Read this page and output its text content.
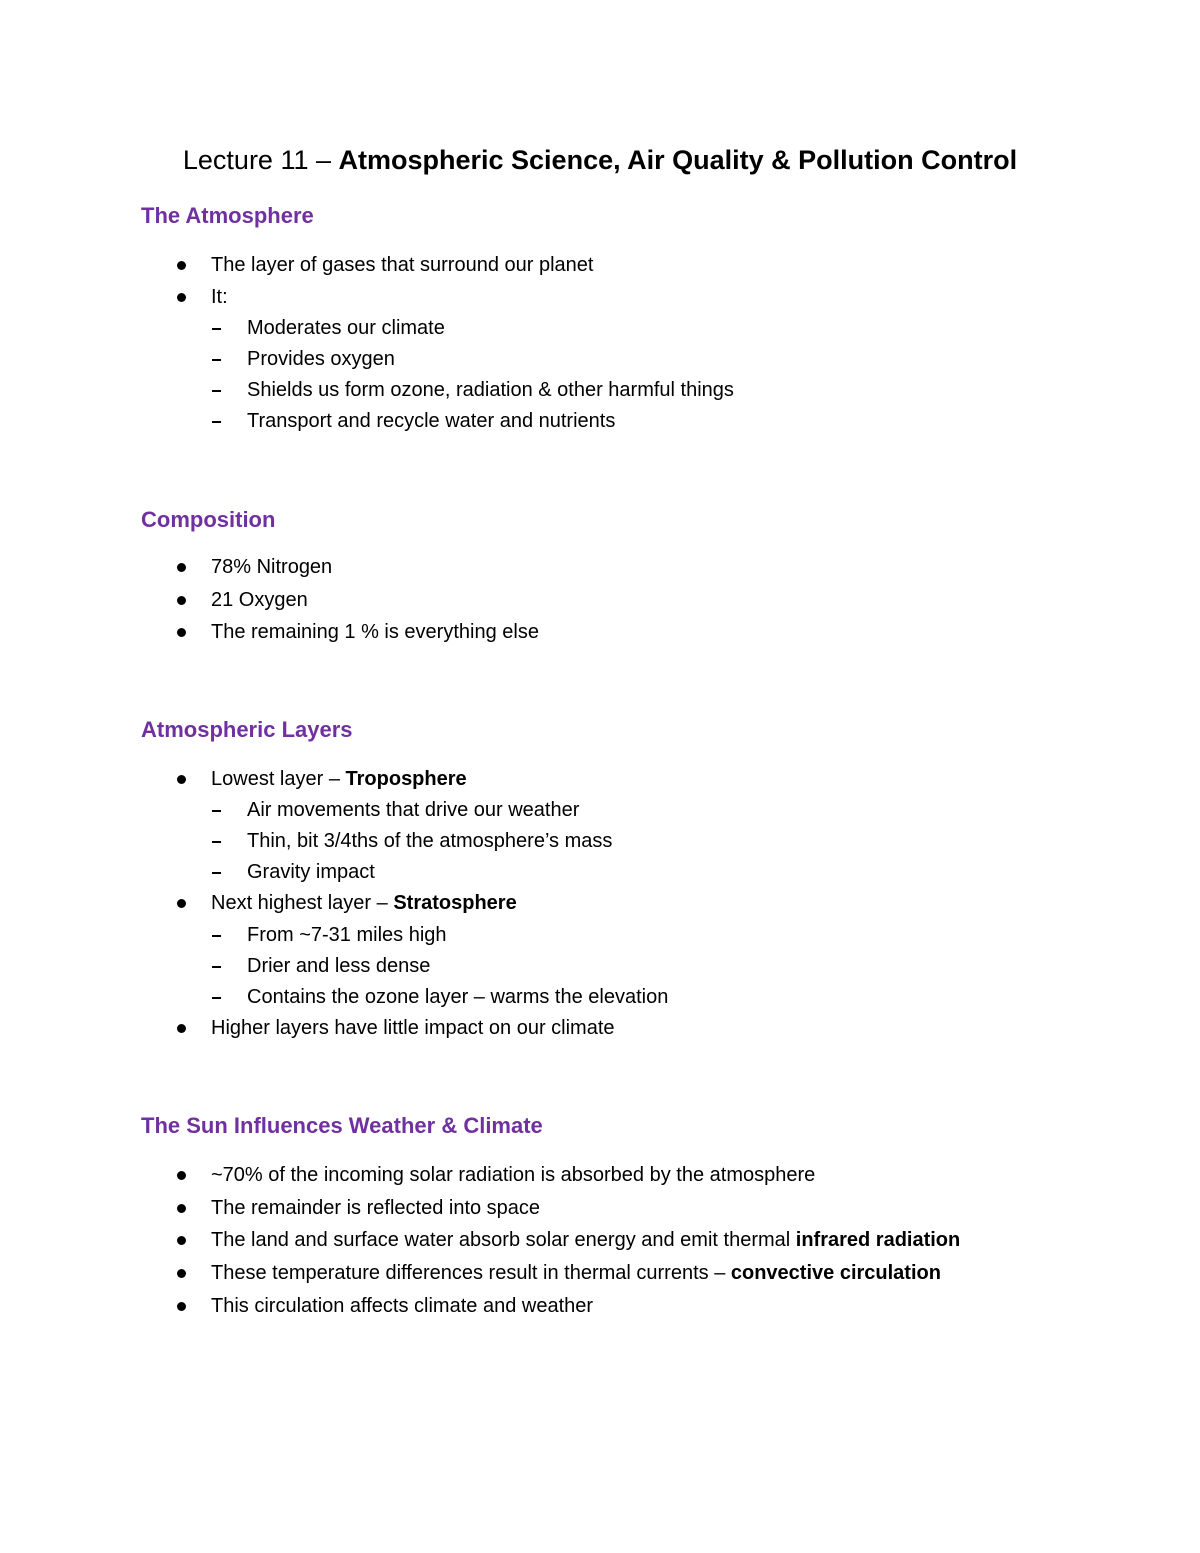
Lecture 11 – Atmospheric Science, Air Quality & Pollution Control
The Atmosphere
The layer of gases that surround our planet
It:
Moderates our climate
Provides oxygen
Shields us form ozone, radiation & other harmful things
Transport and recycle water and nutrients
Composition
78% Nitrogen
21 Oxygen
The remaining 1 % is everything else
Atmospheric Layers
Lowest layer – Troposphere
Air movements that drive our weather
Thin, bit 3/4ths of the atmosphere’s mass
Gravity impact
Next highest layer – Stratosphere
From ~7-31 miles high
Drier and less dense
Contains the ozone layer – warms the elevation
Higher layers have little impact on our climate
The Sun Influences Weather & Climate
~70% of the incoming solar radiation is absorbed by the atmosphere
The remainder is reflected into space
The land and surface water absorb solar energy and emit thermal infrared radiation
These temperature differences result in thermal currents – convective circulation
This circulation affects climate and weather
